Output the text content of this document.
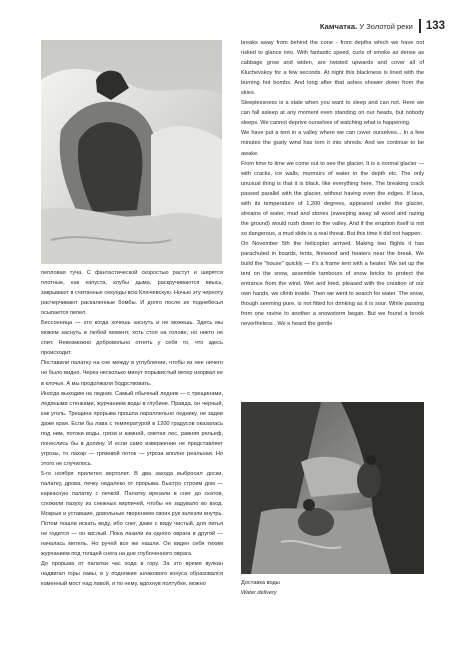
Камчатка. У Золотой реки 133

пепловая туча. С фантастической скоростью растут и ширятся плотные, как капуста, клубы дыма, раскручиваются ввысь, закрывают в считанные секунды всю Ключевскую. Ночью эту черноту расчерчивают раскаленные бомбы. И долго после их поднебесья осыпается пепел.

Бессонница — это когда хочешь заснуть и не можешь. Здесь мы можем заснуть в любой момент, хоть стоя на голове, но никто не спит. Невозможно добровольно отнять у себя то, что здесь происходит.

Поставили палатку на сне между в углублении, чтобы из нее ничего не было видно. Через несколько минут порывистый ветер изорвал ее в клочья. А мы продолжали бодрствовать.

Иногда выходим на ледник. Самый обычный ледник — с трещинами, ледяными стенками, журчанием воды в глубине. Правда, он черный, как уголь. Трещина прорыва прошла параллельно леднику, не задев даже края. Если бы лава с температурой в 1200 градусов оказалась под ним, потоки воды, грязи и камней, сметая лес, равняя рельеф, понеслись бы в долину. И если само извержение не представляет угрозы, то лахар — грязевой поток — угроза вполне реальная. Но этого не случилось.

5-го ноября прилетел вертолет. В два захода выбросил доски, палатку, дрова, печку недалеко от прорыва. Быстро строим дом — каркасную палатку с печкой. Палатку врезали в снег до скатов, сложили пазуху из снежных кирпичей, чтобы не задувало во вход. Мокрые и уставшие, довольные творением своих рук залезли внутрь. Потом пошли искать воду, ибо снег, даже с виду чистый, для питья не годится — он кислый. Пока лазили из одного оврага в другой — началась метель. Но ручей все же нашли. Он виден себя тихим журчанием под толщей снега на дне глубоченного оврага.

До прорыва от палатки час хода в гору. За это время вулкан надвигал горы лавы, в у подножия шлакового конуса образовался каменный мост над лавой, и по нему, вдохнув полтубке, можно

breaks away from behind the cone - from depths which we have not risked to glance into. With fantastic speed, curls of smoke as dense as cabbage grow and widen, are twisted upwards and cover all of Kluchevskoy for a few seconds. At night this blackness is lined with the burning hot bombs. And long after that ashes shower down from the skies.

Sleeplessness is a state when you want to sleep and can not. Here we can fall asleep at any moment even standing on our heads, but nobody sleeps. We cannot deprive ourselves of watching what is happening.

We have put a tent in a valley where we can cover ourselves... In a few minutes the gusty wind has torn it into shreds. And we continue to be awake.

From time to time we come out to see the glacier. It is a normal glacier — with cracks, ice walls, murmurs of water in the depth etc. The only unusual thing is that it is black, like everything here. The breaking crack passed parallel with the glacier, without having even the edges. If lava, with its temperature of 1,200 degrees, appeared under the glacier, streams of water, mud and stones (sweeping away all wood and razing the ground) would rush down to the valley. And if the eruption itself is not so dangerous, a mud slide is a real threat. But this time it did not happen.

On November 5th the helicopter arrived. Making two flights it has parachuted in boards, tents, firewood and heaters near the break. We build the "house" quickly — it's a frame tent with a heater. We set up the tent on the snow, assemble tambours of snow bricks to protect the entrance from the wind. Wet and tired, pleased with the creation of our own hands, we climb inside. Then we went to search for water. The snow, though seeming pure, is not fitted for drinking as it is sour. While passing from one ravine to another a snowstorm began. But we found a brook nevertheless . We e heard the gentle

Доставка воды
Water delivery
